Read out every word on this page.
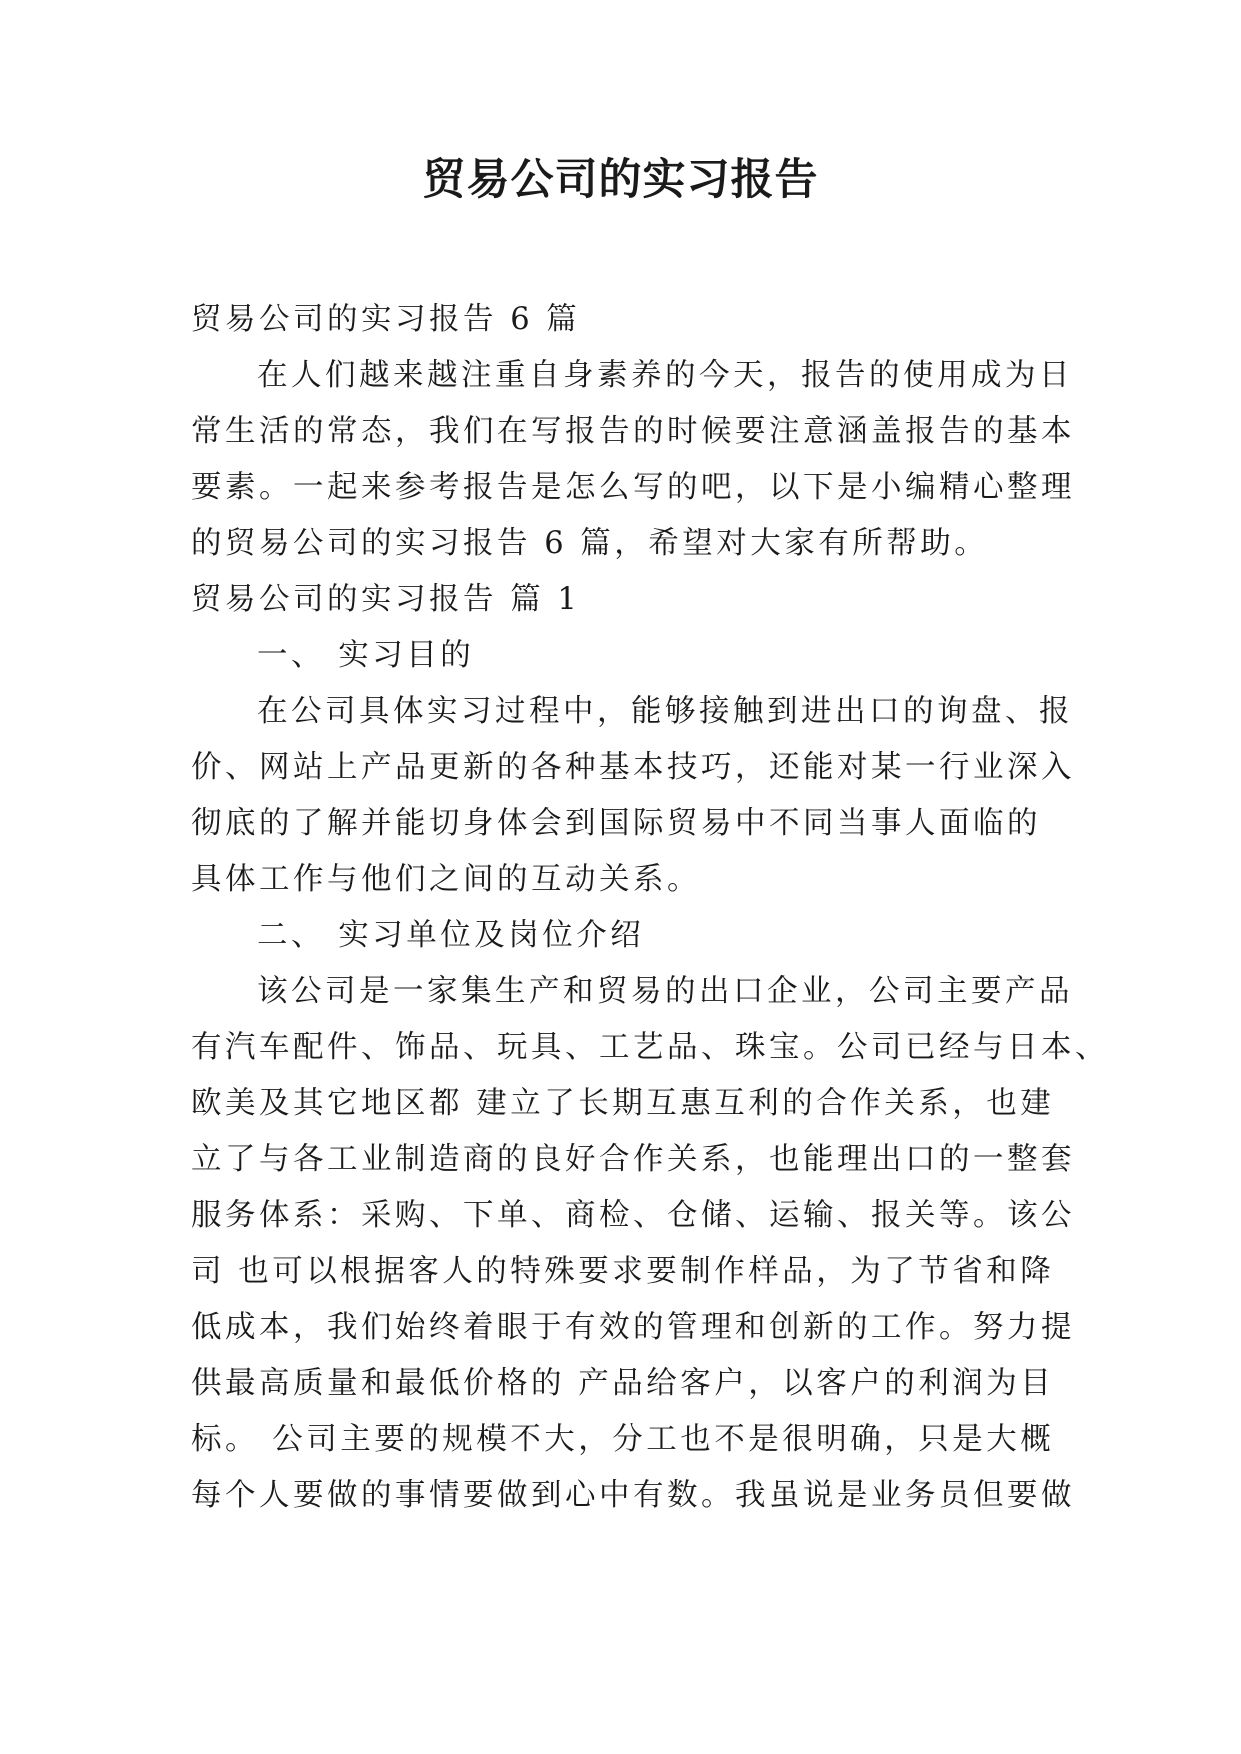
贸易公司的实习报告
贸易公司的实习报告 6 篇
在人们越来越注重自身素养的今天，报告的使用成为日
常生活的常态，我们在写报告的时候要注意涵盖报告的基本
要素。一起来参考报告是怎么写的吧，以下是小编精心整理
的贸易公司的实习报告 6 篇，希望对大家有所帮助。
贸易公司的实习报告 篇 1
一、 实习目的
在公司具体实习过程中，能够接触到进出口的询盘、报
价、网站上产品更新的各种基本技巧，还能对某一行业深入
彻底的了解并能切身体会到国际贸易中不同当事人面临的
具体工作与他们之间的互动关系。
二、 实习单位及岗位介绍
该公司是一家集生产和贸易的出口企业，公司主要产品
有汽车配件、饰品、玩具、工艺品、珠宝。公司已经与日本、
欧美及其它地区都 建立了长期互惠互利的合作关系，也建
立了与各工业制造商的良好合作关系，也能理出口的一整套
服务体系：采购、下单、商检、仓储、运输、报关等。该公
司 也可以根据客人的特殊要求要制作样品，为了节省和降
低成本，我们始终着眼于有效的管理和创新的工作。努力提
供最高质量和最低价格的 产品给客户，以客户的利润为目
标。 公司主要的规模不大，分工也不是很明确，只是大概
每个人要做的事情要做到心中有数。我虽说是业务员但要做
